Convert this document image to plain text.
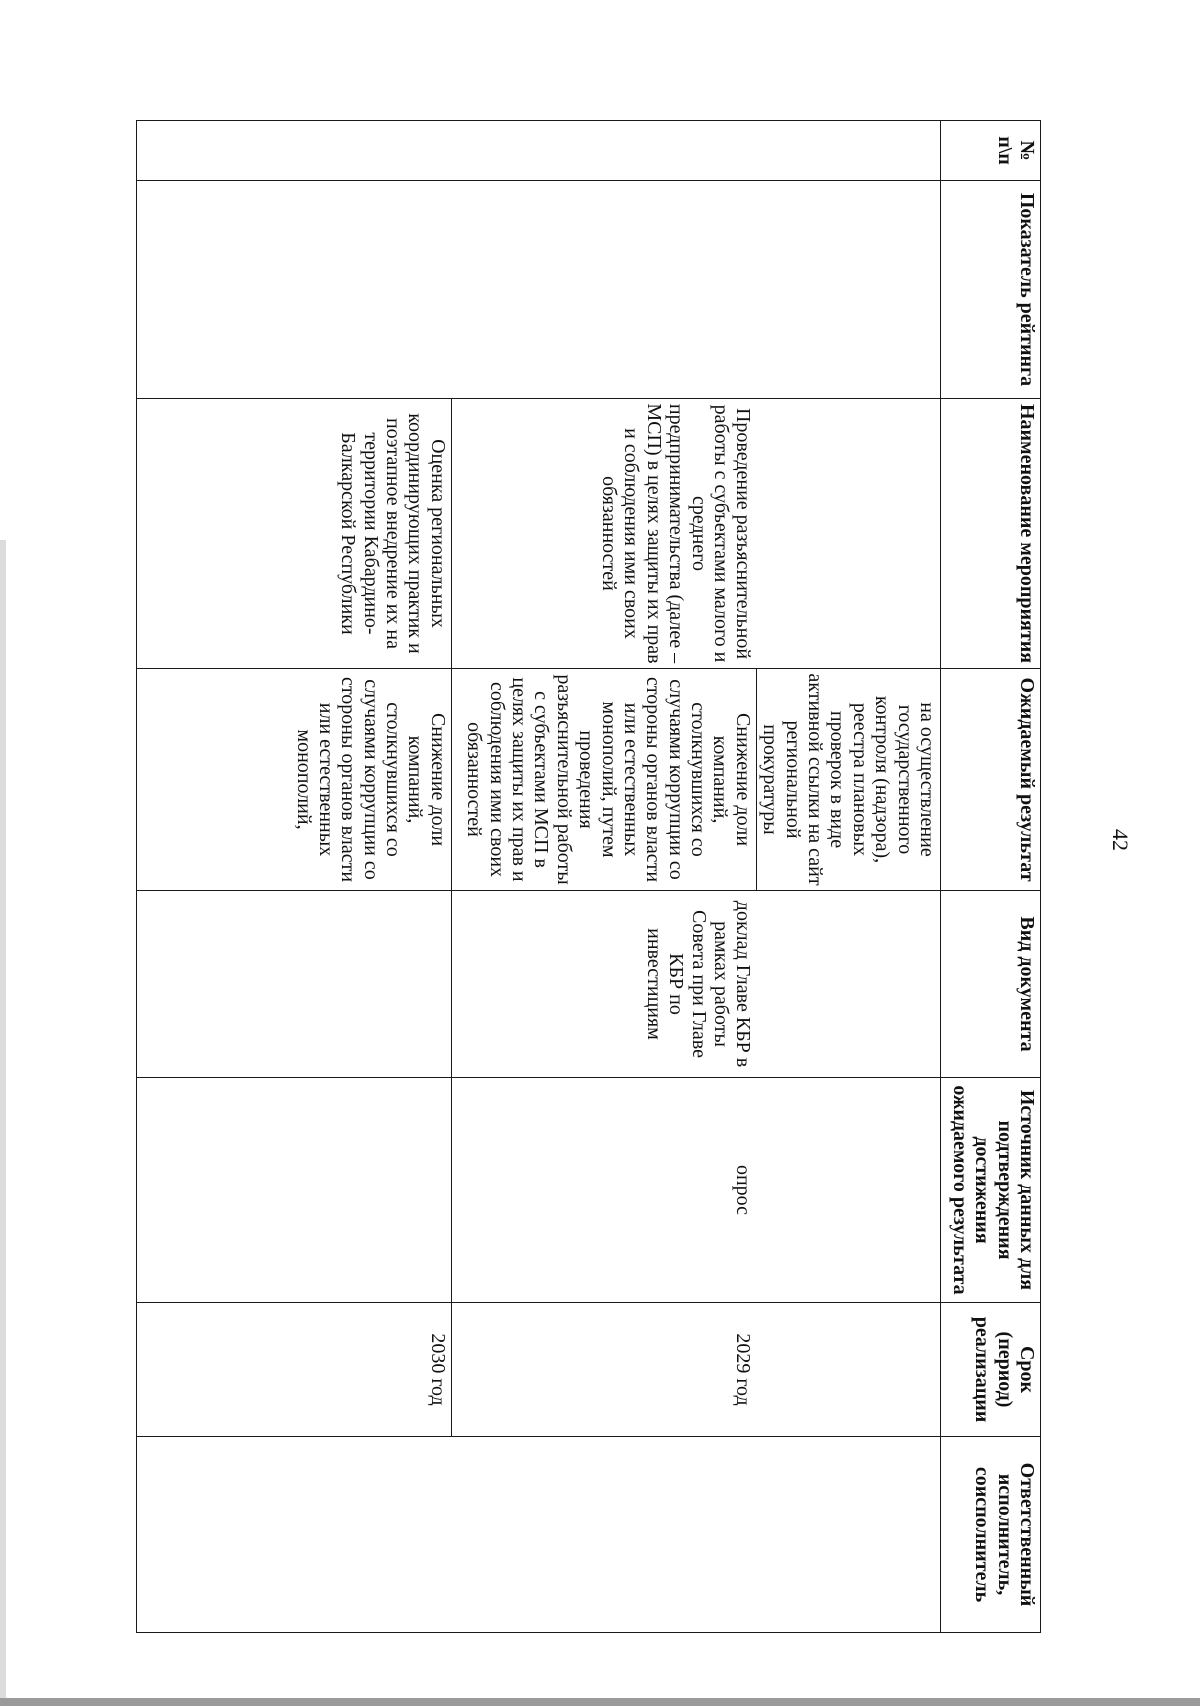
42
№ п\п	Показатель рейтинга	Наименование мероприятия	Ожидаемый результат	Вид документа	Источник данных для подтверждения достижения ожидаемого результата	Срок (период) реализации	Ответственный исполнитель, соисполнитель
			на осуществление государственного контроля (надзора), реестра плановых проверок в виде активной ссылки на сайт региональной прокуратуры				
		Проведение разъяснительной работы с субъектами малого и среднего предпринимательства (далее – МСП) в целях защиты их прав и соблюдения ими своих обязанностей	Снижение доли компаний, столкнувшихся со случаями коррупции со стороны органов власти или естественных монополий, путем проведения разъяснительной работы с субъектами МСП в целях защиты их прав и соблюдения ими своих обязанностей	доклад Главе КБР в рамках работы Совета при Главе КБР по инвестициям	опрос	2029 год	
		Оценка региональных координирующих практик и поэтапное внедрение их на территории Кабардино-Балкарской Республики	Снижение доли компаний, столкнувшихся со случаями коррупции со стороны органов власти или естественных монополий,			2030 год	
